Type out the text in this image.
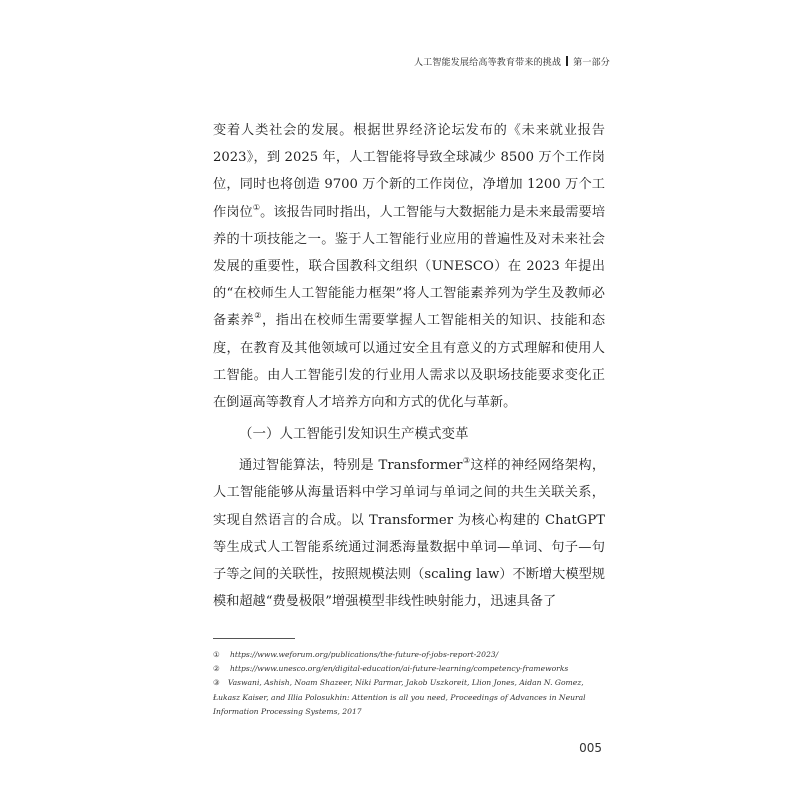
人工智能发展给高等教育带来的挑战 第一部分

变着人类社会的发展。根据世界经济论坛发布的《未来就业报告2023》，到 2025 年，人工智能将导致全球减少 8500 万个工作岗位，同时也将创造 9700 万个新的工作岗位，净增加 1200 万个工作岗位①。该报告同时指出，人工智能与大数据能力是未来最需要培养的十项技能之一。鉴于人工智能行业应用的普遍性及对未来社会发展的重要性，联合国教科文组织（UNESCO）在 2023 年提出的“在校师生人工智能能力框架”将人工智能素养列为学生及教师必备素养②，指出在校师生需要掌握人工智能相关的知识、技能和态度，在教育及其他领域可以通过安全且有意义的方式理解和使用人工智能。由人工智能引发的行业用人需求以及职场技能要求变化正在倒逼高等教育人才培养方向和方式的优化与革新。

（一）人工智能引发知识生产模式变革

通过智能算法，特别是 Transformer③这样的神经网络架构，人工智能能够从海量语料中学习单词与单词之间的共生关联关系，实现自然语言的合成。以 Transformer 为核心构建的 ChatGPT 等生成式人工智能系统通过洞悉海量数据中单词—单词、句子—句子等之间的关联性，按照规模法则（scaling law）不断增大模型规模和超越“费曼极限”增强模型非线性映射能力，迅速具备了

① https://www.weforum.org/publications/the-future-of-jobs-report-2023/
② https://www.unesco.org/en/digital-education/ai-future-learning/competency-frameworks
③ Vaswani, Ashish, Noam Shazeer, Niki Parmar, Jakob Uszkoreit, Llion Jones, Aidan N. Gomez, Łukasz Kaiser, and Illia Polosukhin: Attention is all you need, Proceedings of Advances in Neural Information Processing Systems, 2017
005
